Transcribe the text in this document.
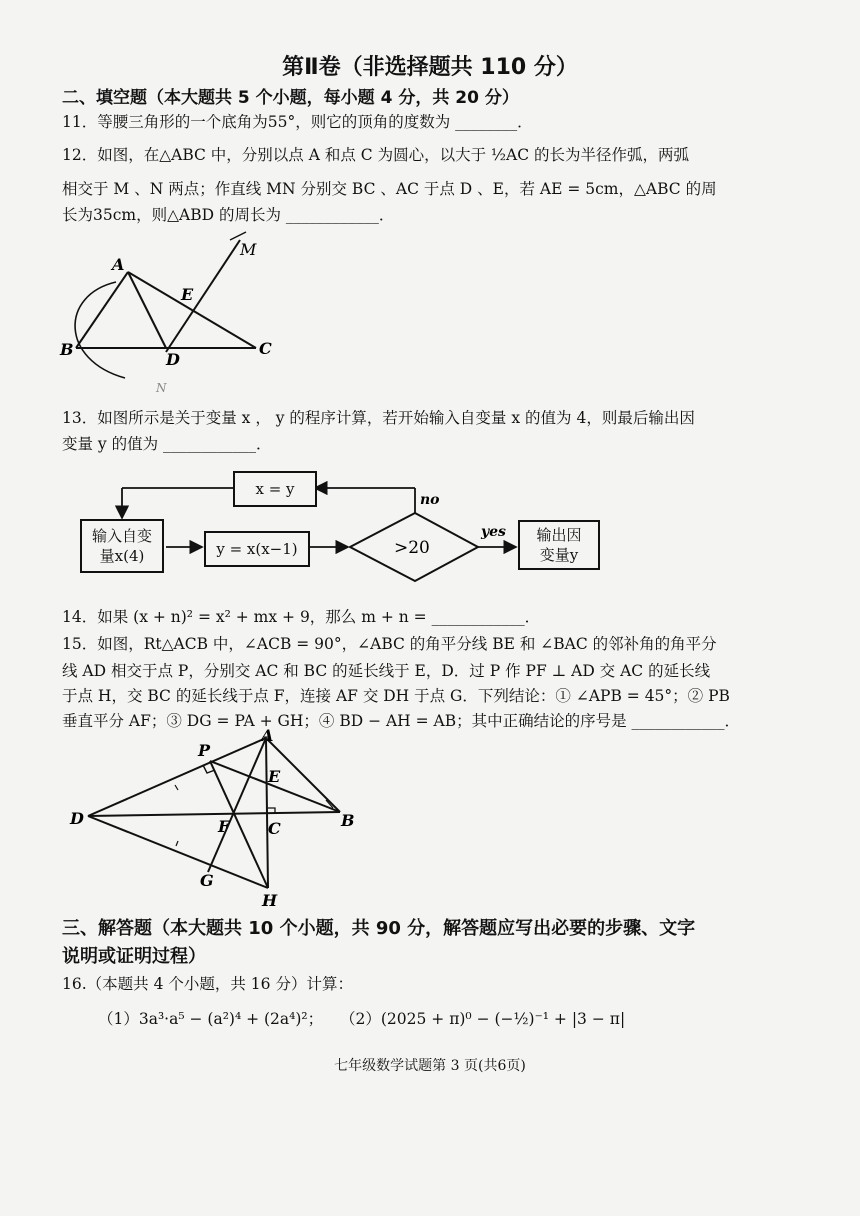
第Ⅱ卷（非选择题共 110 分）
二、填空题（本大题共 5 个小题，每小题 4 分，共 20 分）
11．等腰三角形的一个底角为55°，则它的顶角的度数为 ________．
12．如图，在△ABC 中，分别以点 A 和点 C 为圆心，以大于 ½AC 的长为半径作弧，两弧
相交于 M 、N 两点；作直线 MN 分别交 BC 、AC 于点 D 、E，若 AE = 5cm，△ABC 的周
长为35cm，则△ABD 的周长为 ____________．
A
B	C
D
E
M
N
13．如图所示是关于变量 x ， y 的程序计算，若开始输入自变量 x 的值为 4，则最后输出因
变量 y 的值为 ____________．
no
yes
>20
x = y
输入自变量x(4)	y = x(x−1)
输出因变量y
14．如果 (x + n)² = x² + mx + 9，那么 m + n = ____________．
15．如图，Rt△ACB 中，∠ACB = 90°，∠ABC 的角平分线 BE 和 ∠BAC 的邻补角的角平分
线 AD 相交于点 P，分别交 AC 和 BC 的延长线于 E，D．过 P 作 PF ⊥ AD 交 AC 的延长线
于点 H，交 BC 的延长线于点 F，连接 AF 交 DH 于点 G．下列结论：① ∠APB = 45°；② PB
垂直平分 AF；③ DG = PA + GH；④ BD − AH = AB；其中正确结论的序号是 ____________．
A
B
C
D
E
F
G
H
P
三、解答题（本大题共 10 个小题，共 90 分，解答题应写出必要的步骤、文字
说明或证明过程）
16.（本题共 4 个小题，共 16 分）计算：
（1）3a³·a⁵ − (a²)⁴ + (2a⁴)²； （2）(2025 + π)⁰ − (−½)⁻¹ + |3 − π|
七年级数学试题第 3 页(共6页)
